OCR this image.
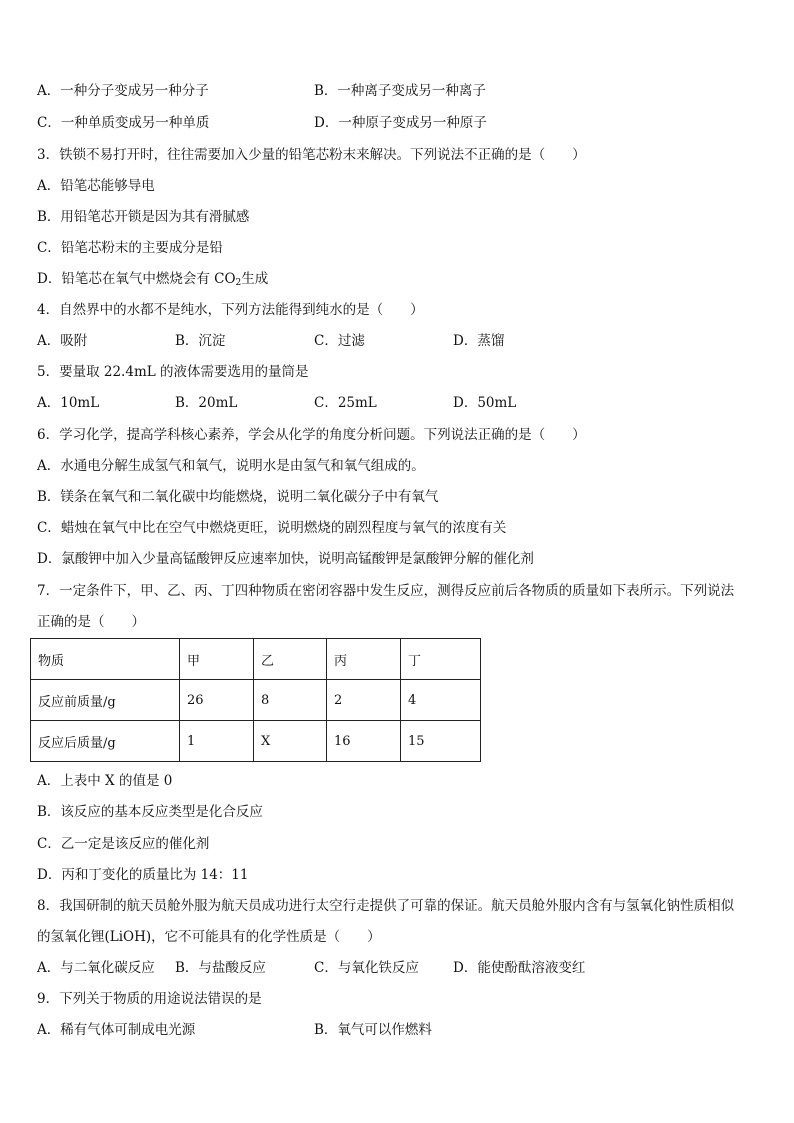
A．一种分子变成另一种分子	B．一种离子变成另一种离子
C．一种单质变成另一种单质	D．一种原子变成另一种原子
3．铁锁不易打开时，往往需要加入少量的铅笔芯粉末来解决。下列说法不正确的是（　　）
A．铅笔芯能够导电
B．用铅笔芯开锁是因为其有滑腻感
C．铅笔芯粉末的主要成分是铅
D．铅笔芯在氧气中燃烧会有 $CO_2$生成
4．自然界中的水都不是纯水，下列方法能得到纯水的是（　　）
A．吸附	B．沉淀	C．过滤	D．蒸馏
5．要量取 22.4mL 的液体需要选用的量筒是
A．10mL	B．20mL	C．25mL	D．50mL
6．学习化学，提高学科核心素养，学会从化学的角度分析问题。下列说法正确的是（　　）
A．水通电分解生成氢气和氧气，说明水是由氢气和氧气组成的。
B．镁条在氧气和二氧化碳中均能燃烧，说明二氧化碳分子中有氧气
C．蜡烛在氧气中比在空气中燃烧更旺，说明燃烧的剧烈程度与氧气的浓度有关
D．氯酸钾中加入少量高锰酸钾反应速率加快，说明高锰酸钾是氯酸钾分解的催化剂
7．一定条件下，甲、乙、丙、丁四种物质在密闭容器中发生反应，测得反应前后各物质的质量如下表所示。下列说法
正确的是（　　）
物质	甲	乙	丙	丁
反应前质量/g	26	8	2	4
反应后质量/g	1	X	16	15
A．上表中 X 的值是 0
B．该反应的基本反应类型是化合反应
C．乙一定是该反应的催化剂
D．丙和丁变化的质量比为 14：11
8．我国研制的航天员舱外服为航天员成功进行太空行走提供了可靠的保证。航天员舱外服内含有与氢氧化钠性质相似
的氢氧化锂(LiOH)，它不可能具有的化学性质是（　　）
A．与二氧化碳反应 B．与盐酸反应	C．与氧化铁反应	D．能使酚酞溶液变红
9．下列关于物质的用途说法错误的是
A．稀有气体可制成电光源	B．氧气可以作燃料
